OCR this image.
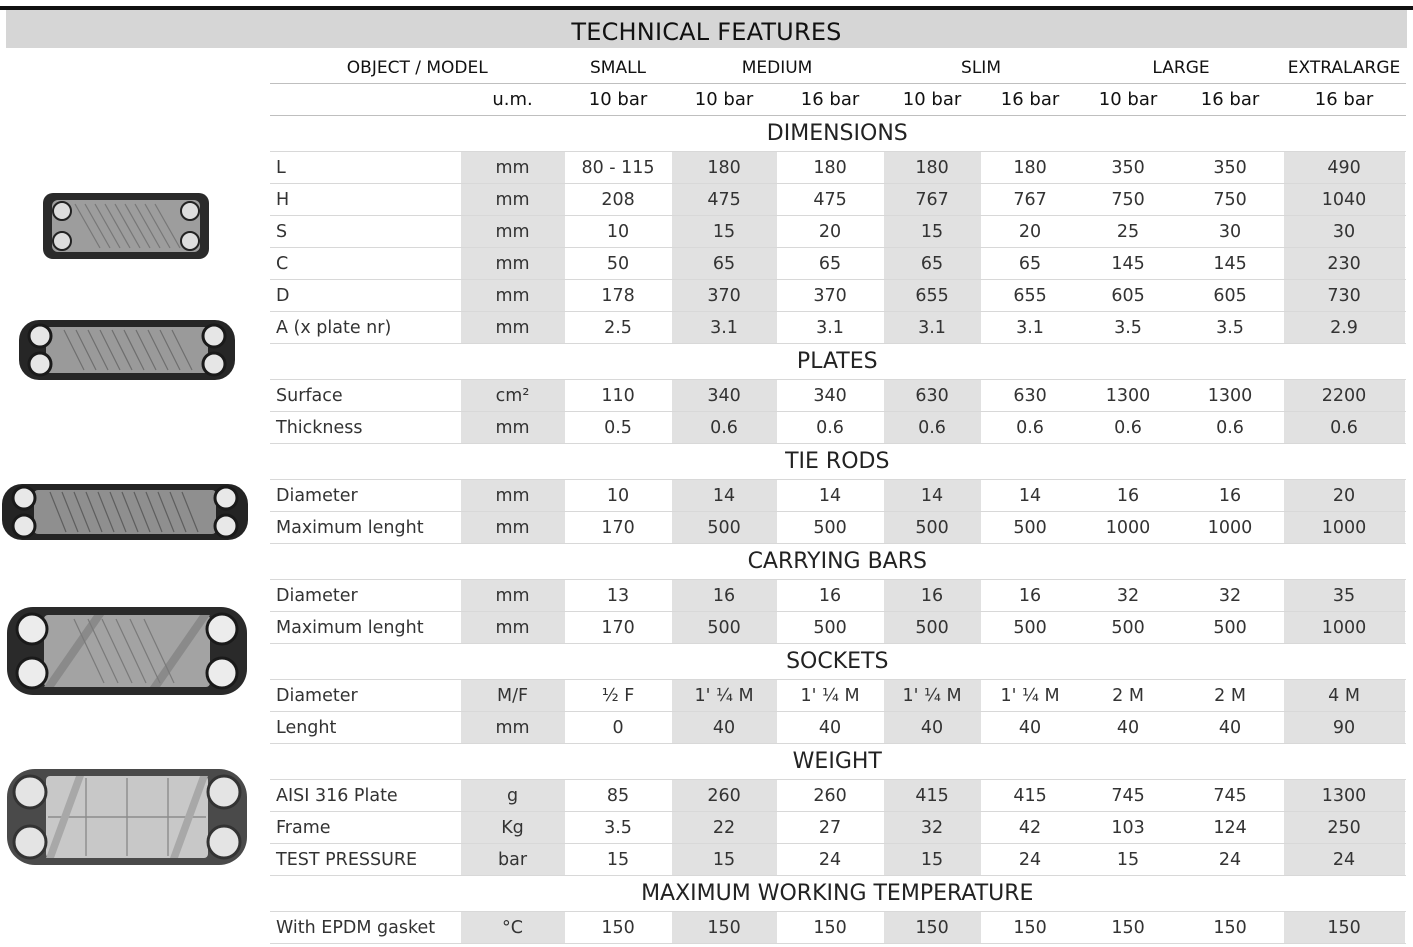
TECHNICAL FEATURES
OBJECT / MODEL		SMALL	MEDIUM		SLIM		LARGE		EXTRALARGE
	u.m.	10 bar	10 bar	16 bar	10 bar	16 bar	10 bar	16 bar	16 bar
DIMENSIONS									
L	mm	80 - 115	180	180	180	180	350	350	490
H	mm	208	475	475	767	767	750	750	1040
S	mm	10	15	20	15	20	25	30	30
C	mm	50	65	65	65	65	145	145	230
D	mm	178	370	370	655	655	605	605	730
A (x plate nr)	mm	2.5	3.1	3.1	3.1	3.1	3.5	3.5	2.9
PLATES									
Surface	cm²	110	340	340	630	630	1300	1300	2200
Thickness	mm	0.5	0.6	0.6	0.6	0.6	0.6	0.6	0.6
TIE RODS									
Diameter	mm	10	14	14	14	14	16	16	20
Maximum lenght	mm	170	500	500	500	500	1000	1000	1000
CARRYING BARS									
Diameter	mm	13	16	16	16	16	32	32	35
Maximum lenght	mm	170	500	500	500	500	500	500	1000
SOCKETS									
Diameter	M/F	½ F	1' ¼ M	1' ¼ M	1' ¼ M	1' ¼ M	2 M	2 M	4 M
Lenght	mm	0	40	40	40	40	40	40	90
WEIGHT									
AISI 316 Plate	g	85	260	260	415	415	745	745	1300
Frame	Kg	3.5	22	27	32	42	103	124	250
TEST PRESSURE	bar	15	15	24	15	24	15	24	24
MAXIMUM WORKING TEMPERATURE									
With EPDM gasket	°C	150	150	150	150	150	150	150	150
